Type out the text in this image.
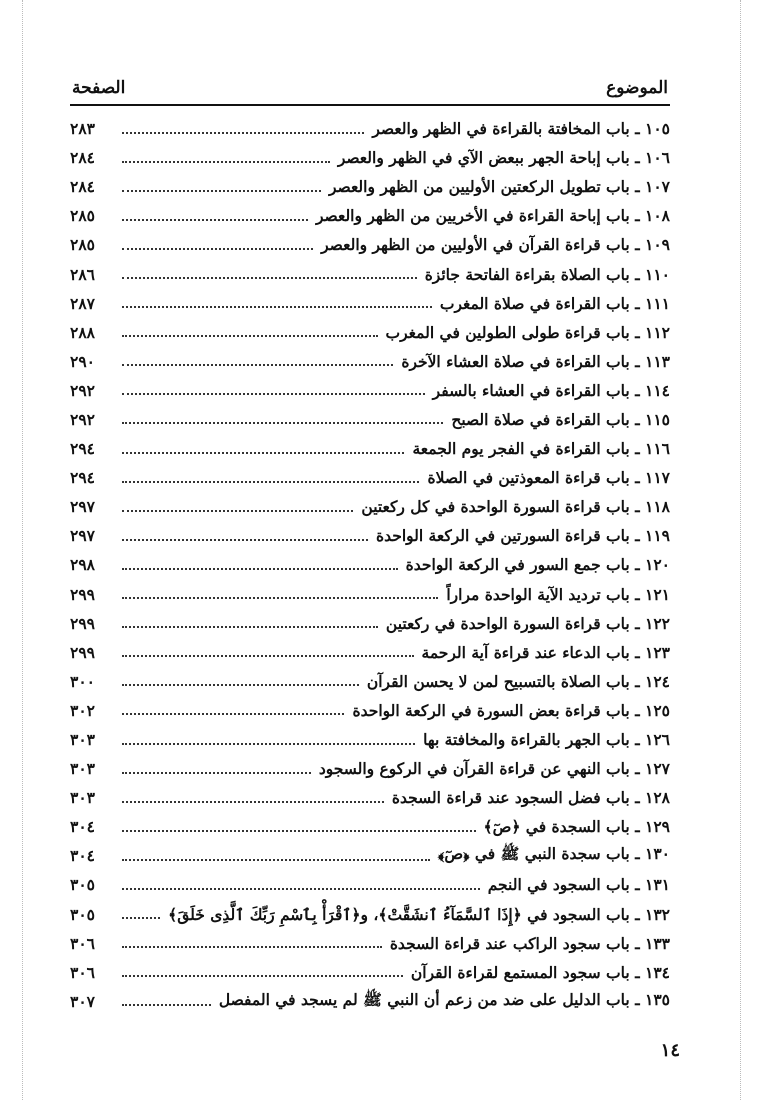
الموضوع
الصفحة
١٠٥ ـ باب المخافتة بالقراءة في الظهر والعصر
٢٨٣
١٠٦ ـ باب إباحة الجهر ببعض الآي في الظهر والعصر
٢٨٤
١٠٧ ـ باب تطويل الركعتين الأوليين من الظهر والعصر
٢٨٤
١٠٨ ـ باب إباحة القراءة في الأخريين من الظهر والعصر
٢٨٥
١٠٩ ـ باب قراءة القرآن في الأوليين من الظهر والعصر
٢٨٥
١١٠ ـ باب الصلاة بقراءة الفاتحة جائزة
٢٨٦
١١١ ـ باب القراءة في صلاة المغرب
٢٨٧
١١٢ ـ باب قراءة طولى الطولين في المغرب
٢٨٨
١١٣ ـ باب القراءة في صلاة العشاء الآخرة
٢٩٠
١١٤ ـ باب القراءة في العشاء بالسفر
٢٩٢
١١٥ ـ باب القراءة في صلاة الصبح
٢٩٢
١١٦ ـ باب القراءة في الفجر يوم الجمعة
٢٩٤
١١٧ ـ باب قراءة المعوذتين في الصلاة
٢٩٤
١١٨ ـ باب قراءة السورة الواحدة في كل ركعتين
٢٩٧
١١٩ ـ باب قراءة السورتين في الركعة الواحدة
٢٩٧
١٢٠ ـ باب جمع السور في الركعة الواحدة
٢٩٨
١٢١ ـ باب ترديد الآية الواحدة مراراً
٢٩٩
١٢٢ ـ باب قراءة السورة الواحدة في ركعتين
٢٩٩
١٢٣ ـ باب الدعاء عند قراءة آية الرحمة
٢٩٩
١٢٤ ـ باب الصلاة بالتسبيح لمن لا يحسن القرآن
٣٠٠
١٢٥ ـ باب قراءة بعض السورة في الركعة الواحدة
٣٠٢
١٢٦ ـ باب الجهر بالقراءة والمخافتة بها
٣٠٣
١٢٧ ـ باب النهي عن قراءة القرآن في الركوع والسجود
٣٠٣
١٢٨ ـ باب فضل السجود عند قراءة السجدة
٣٠٣
١٢٩ ـ باب السجدة في ﴿صٓ﴾
٣٠٤
١٣٠ ـ باب سجدة النبي ﷺ في ﴿صٓ﴾
٣٠٤
١٣١ ـ باب السجود في النجم
٣٠٥
١٣٢ ـ باب السجود في ﴿إِذَا ٱلسَّمَآءُ ٱنشَقَّتْ﴾، و﴿ٱقْرَأْ بِٱسْمِ رَبِّكَ ٱلَّذِى خَلَقَ﴾
٣٠٥
١٣٣ ـ باب سجود الراكب عند قراءة السجدة
٣٠٦
١٣٤ ـ باب سجود المستمع لقراءة القرآن
٣٠٦
١٣٥ ـ باب الدليل على ضد من زعم أن النبي ﷺ لم يسجد في المفصل
٣٠٧
١٤
